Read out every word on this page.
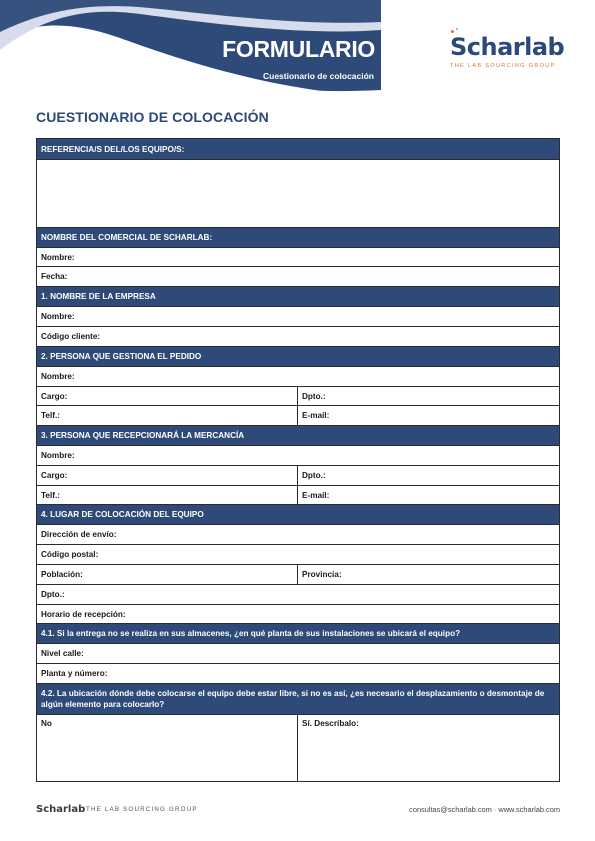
FORMULARIO
Cuestionario de colocación
Scharlab
THE LAB SOURCING GROUP
CUESTIONARIO DE COLOCACIÓN
REFERENCIA/S DEL/LOS EQUIPO/S:
NOMBRE DEL COMERCIAL DE SCHARLAB:
Nombre:
Fecha:
1. NOMBRE DE LA EMPRESA
Nombre:
Código cliente:
2. PERSONA QUE GESTIONA EL PEDIDO
Nombre:
Cargo:	Dpto.:
Telf.:	E-mail:
3. PERSONA QUE RECEPCIONARÁ LA MERCANCÍA
Nombre:
Cargo:	Dpto.:
Telf.:	E-mail:
4. LUGAR DE COLOCACIÓN DEL EQUIPO
Dirección de envío:
Código postal:
Población:	Provincia:
Dpto.:
Horario de recepción:
4.1. Si la entrega no se realiza en sus almacenes, ¿en qué planta de sus instalaciones se ubicará el equipo?
Nivel calle:
Planta y número:
4.2. La ubicación dónde debe colocarse el equipo debe estar libre, si no es así, ¿es necesario el desplazamiento o desmontaje de algún elemento para colocarlo?
No	Sí. Descríbalo:
Scharlab THE LAB SOURCING GROUP	consultas@scharlab.com · www.scharlab.com
